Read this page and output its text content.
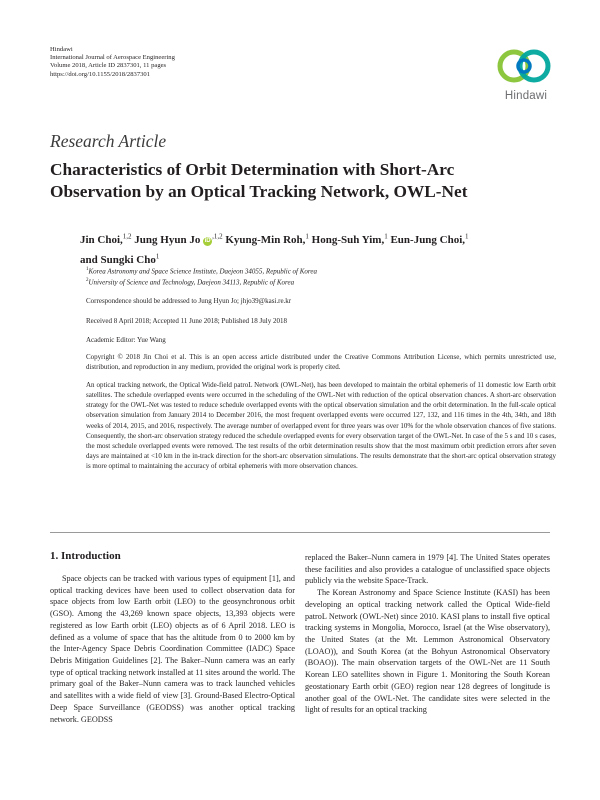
Hindawi
International Journal of Aerospace Engineering
Volume 2018, Article ID 2837301, 11 pages
https://doi.org/10.1155/2018/2837301
Hindawi
Research Article
Characteristics of Orbit Determination with Short-Arc
Observation by an Optical Tracking Network, OWL-Net
Jin Choi,$^{1,2}$ Jung Hyun Jo $iD^{,1,2}$ Kyung-Min Roh,$^1$ Hong-Suh Yim,$^1$ Eun-Jung Choi,$^1$
and Sungki Cho$^1$
$^1$Korea Astronomy and Space Science Institute, Daejeon 34055, Republic of Korea
$^2$University of Science and Technology, Daejeon 34113, Republic of Korea
Correspondence should be addressed to Jung Hyun Jo; jhjo39@kasi.re.kr
Received 8 April 2018; Accepted 11 June 2018; Published 18 July 2018
Academic Editor: Yue Wang
Copyright © 2018 Jin Choi et al. This is an open access article distributed under the Creative Commons Attribution License, which permits unrestricted use, distribution, and reproduction in any medium, provided the original work is properly cited.
An optical tracking network, the Optical Wide-field patroL Network (OWL-Net), has been developed to maintain the orbital ephemeris of 11 domestic low Earth orbit satellites. The schedule overlapped events were occurred in the scheduling of the OWL-Net with reduction of the optical observation chances. A short-arc observation strategy for the OWL-Net was tested to reduce schedule overlapped events with the optical observation simulation and the orbit determination. In the full-scale optical observation simulation from January 2014 to December 2016, the most frequent overlapped events were occurred 127, 132, and 116 times in the 4th, 34th, and 18th weeks of 2014, 2015, and 2016, respectively. The average number of overlapped event for three years was over 10% for the whole observation chances of five stations. Consequently, the short-arc observation strategy reduced the schedule overlapped events for every observation target of the OWL-Net. In case of the 5 s and 10 s cases, the most schedule overlapped events were removed. The test results of the orbit determination results show that the most maximum orbit prediction errors after seven days are maintained at <10 km in the in-track direction for the short-arc observation simulations. The results demonstrate that the short-arc optical observation strategy is more optimal to maintaining the accuracy of orbital ephemeris with more observation chances.
1. Introduction

Space objects can be tracked with various types of equipment [1], and optical tracking devices have been used to collect observation data for space objects from low Earth orbit (LEO) to the geosynchronous orbit (GSO). Among the 43,269 known space objects, 13,393 objects were registered as low Earth orbit (LEO) objects as of 6 April 2018. LEO is defined as a volume of space that has the altitude from 0 to 2000 km by the Inter-Agency Space Debris Coordination Committee (IADC) Space Debris Mitigation Guidelines [2]. The Baker–Nunn camera was an early type of optical tracking network installed at 11 sites around the world. The primary goal of the Baker–Nunn camera was to track launched vehicles and satellites with a wide field of view [3]. Ground-Based Electro-Optical Deep Space Surveillance (GEODSS) was another optical tracking network. GEODSS

replaced the Baker–Nunn camera in 1979 [4]. The United States operates these facilities and also provides a catalogue of unclassified space objects publicly via the website Space-Track.

The Korean Astronomy and Space Science Institute (KASI) has been developing an optical tracking network called the Optical Wide-field patroL Network (OWL-Net) since 2010. KASI plans to install five optical tracking systems in Mongolia, Morocco, Israel (at the Wise observatory), the United States (at the Mt. Lemmon Astronomical Observatory (LOAO)), and South Korea (at the Bohyun Astronomical Observatory (BOAO)). The main observation targets of the OWL-Net are 11 South Korean LEO satellites shown in Figure 1. Monitoring the South Korean geostationary Earth orbit (GEO) region near 128 degrees of longitude is another goal of the OWL-Net. The candidate sites were selected in the light of results for an optical tracking
